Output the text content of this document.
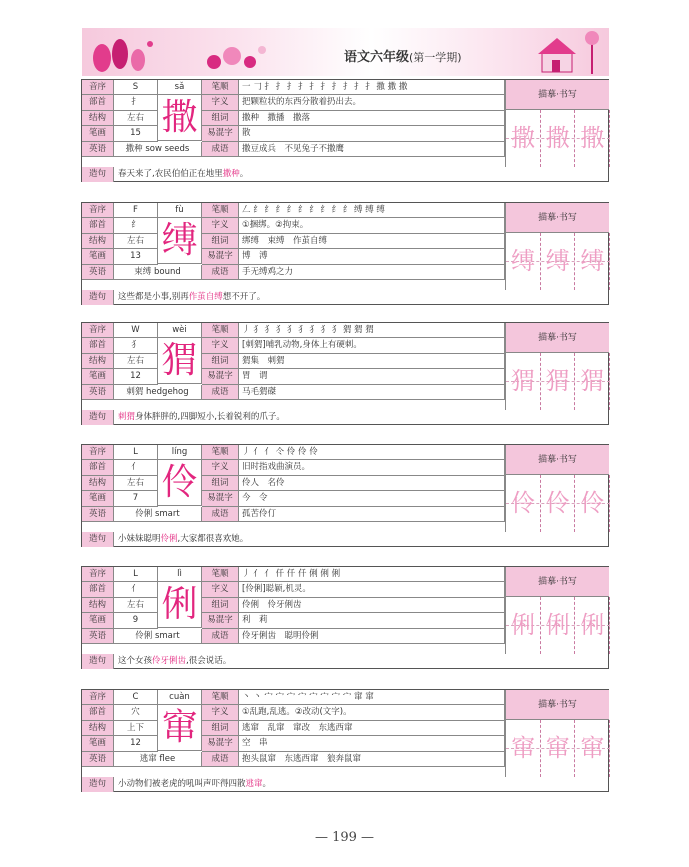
语文六年级(第一学期)
音序	S	sǎ	笔顺	一 𠃌 扌 扌 扌 扌 扌 扌 扌 扌 扌 扌 撒 撒 撒
部首	扌	字义	把颗粒状的东西分散着扔出去。
结构	左右	组词	撒种　撒播　撒落
笔画	15	易混字	散
英语	撒种 sow seeds	成语	撒豆成兵　不见兔子不撒鹰
撒
描摹·书写
撒 撒 撒
造句	春天来了,农民伯伯正在地里撒种。
音序	F	fù	笔顺	𠃋 纟 纟 纟 纟 纟 纟 纟 纟 纟 缚 缚 缚
部首	纟	字义	①捆绑。②拘束。
结构	左右	组词	绑缚　束缚　作茧自缚
笔画	13	易混字	博　溥
英语	束缚 bound	成语	手无缚鸡之力
缚
描摹·书写
缚 缚 缚
造句	这些都是小事,别再作茧自缚想不开了。
音序	W	wèi	笔顺	丿 犭 犭 犭 犭 犭 犭 犭 犭 猬 猬 猬
部首	犭	字义	[刺猬]哺乳动物,身体上有硬刺。
结构	左右	组词	猬集　刺猬
笔画	12	易混字	胃　谓
英语	刺猬 hedgehog	成语	马毛猬磔
猬
描摹·书写
猬 猬 猬
造句	刺猬身体胖胖的,四脚短小,长着锐利的爪子。
音序	L	líng	笔顺	丿 亻 亻 仒 伶 伶 伶
部首	亻	字义	旧时指戏曲演员。
结构	左右	组词	伶人　名伶
笔画	7	易混字	今　令
英语	伶俐 smart	成语	孤苦伶仃
伶
描摹·书写
伶 伶 伶
造句	小妹妹聪明伶俐,大家都很喜欢她。
音序	L	lì	笔顺	丿 亻 亻 仟 仟 仟 俐 俐 俐
部首	亻	字义	[伶俐]聪颖,机灵。
结构	左右	组词	伶俐　伶牙俐齿
笔画	9	易混字	利　莉
英语	伶俐 smart	成语	伶牙俐齿　聪明伶俐
俐
描摹·书写
俐 俐 俐
造句	这个女孩伶牙俐齿,很会说话。
音序	C	cuàn	笔顺	丶 丶 宀 宀 宀 宀 宀 宀 宀 宀 窜 窜
部首	穴	字义	①乱跑,乱逃。②改动(文字)。
结构	上下	组词	逃窜　乱窜　窜改　东逃西窜
笔画	12	易混字	空　串
英语	逃窜 flee	成语	抱头鼠窜　东逃西窜　狼奔鼠窜
窜
描摹·书写
窜 窜 窜
造句	小动物们被老虎的吼叫声吓得四散逃窜。
— 199 —
